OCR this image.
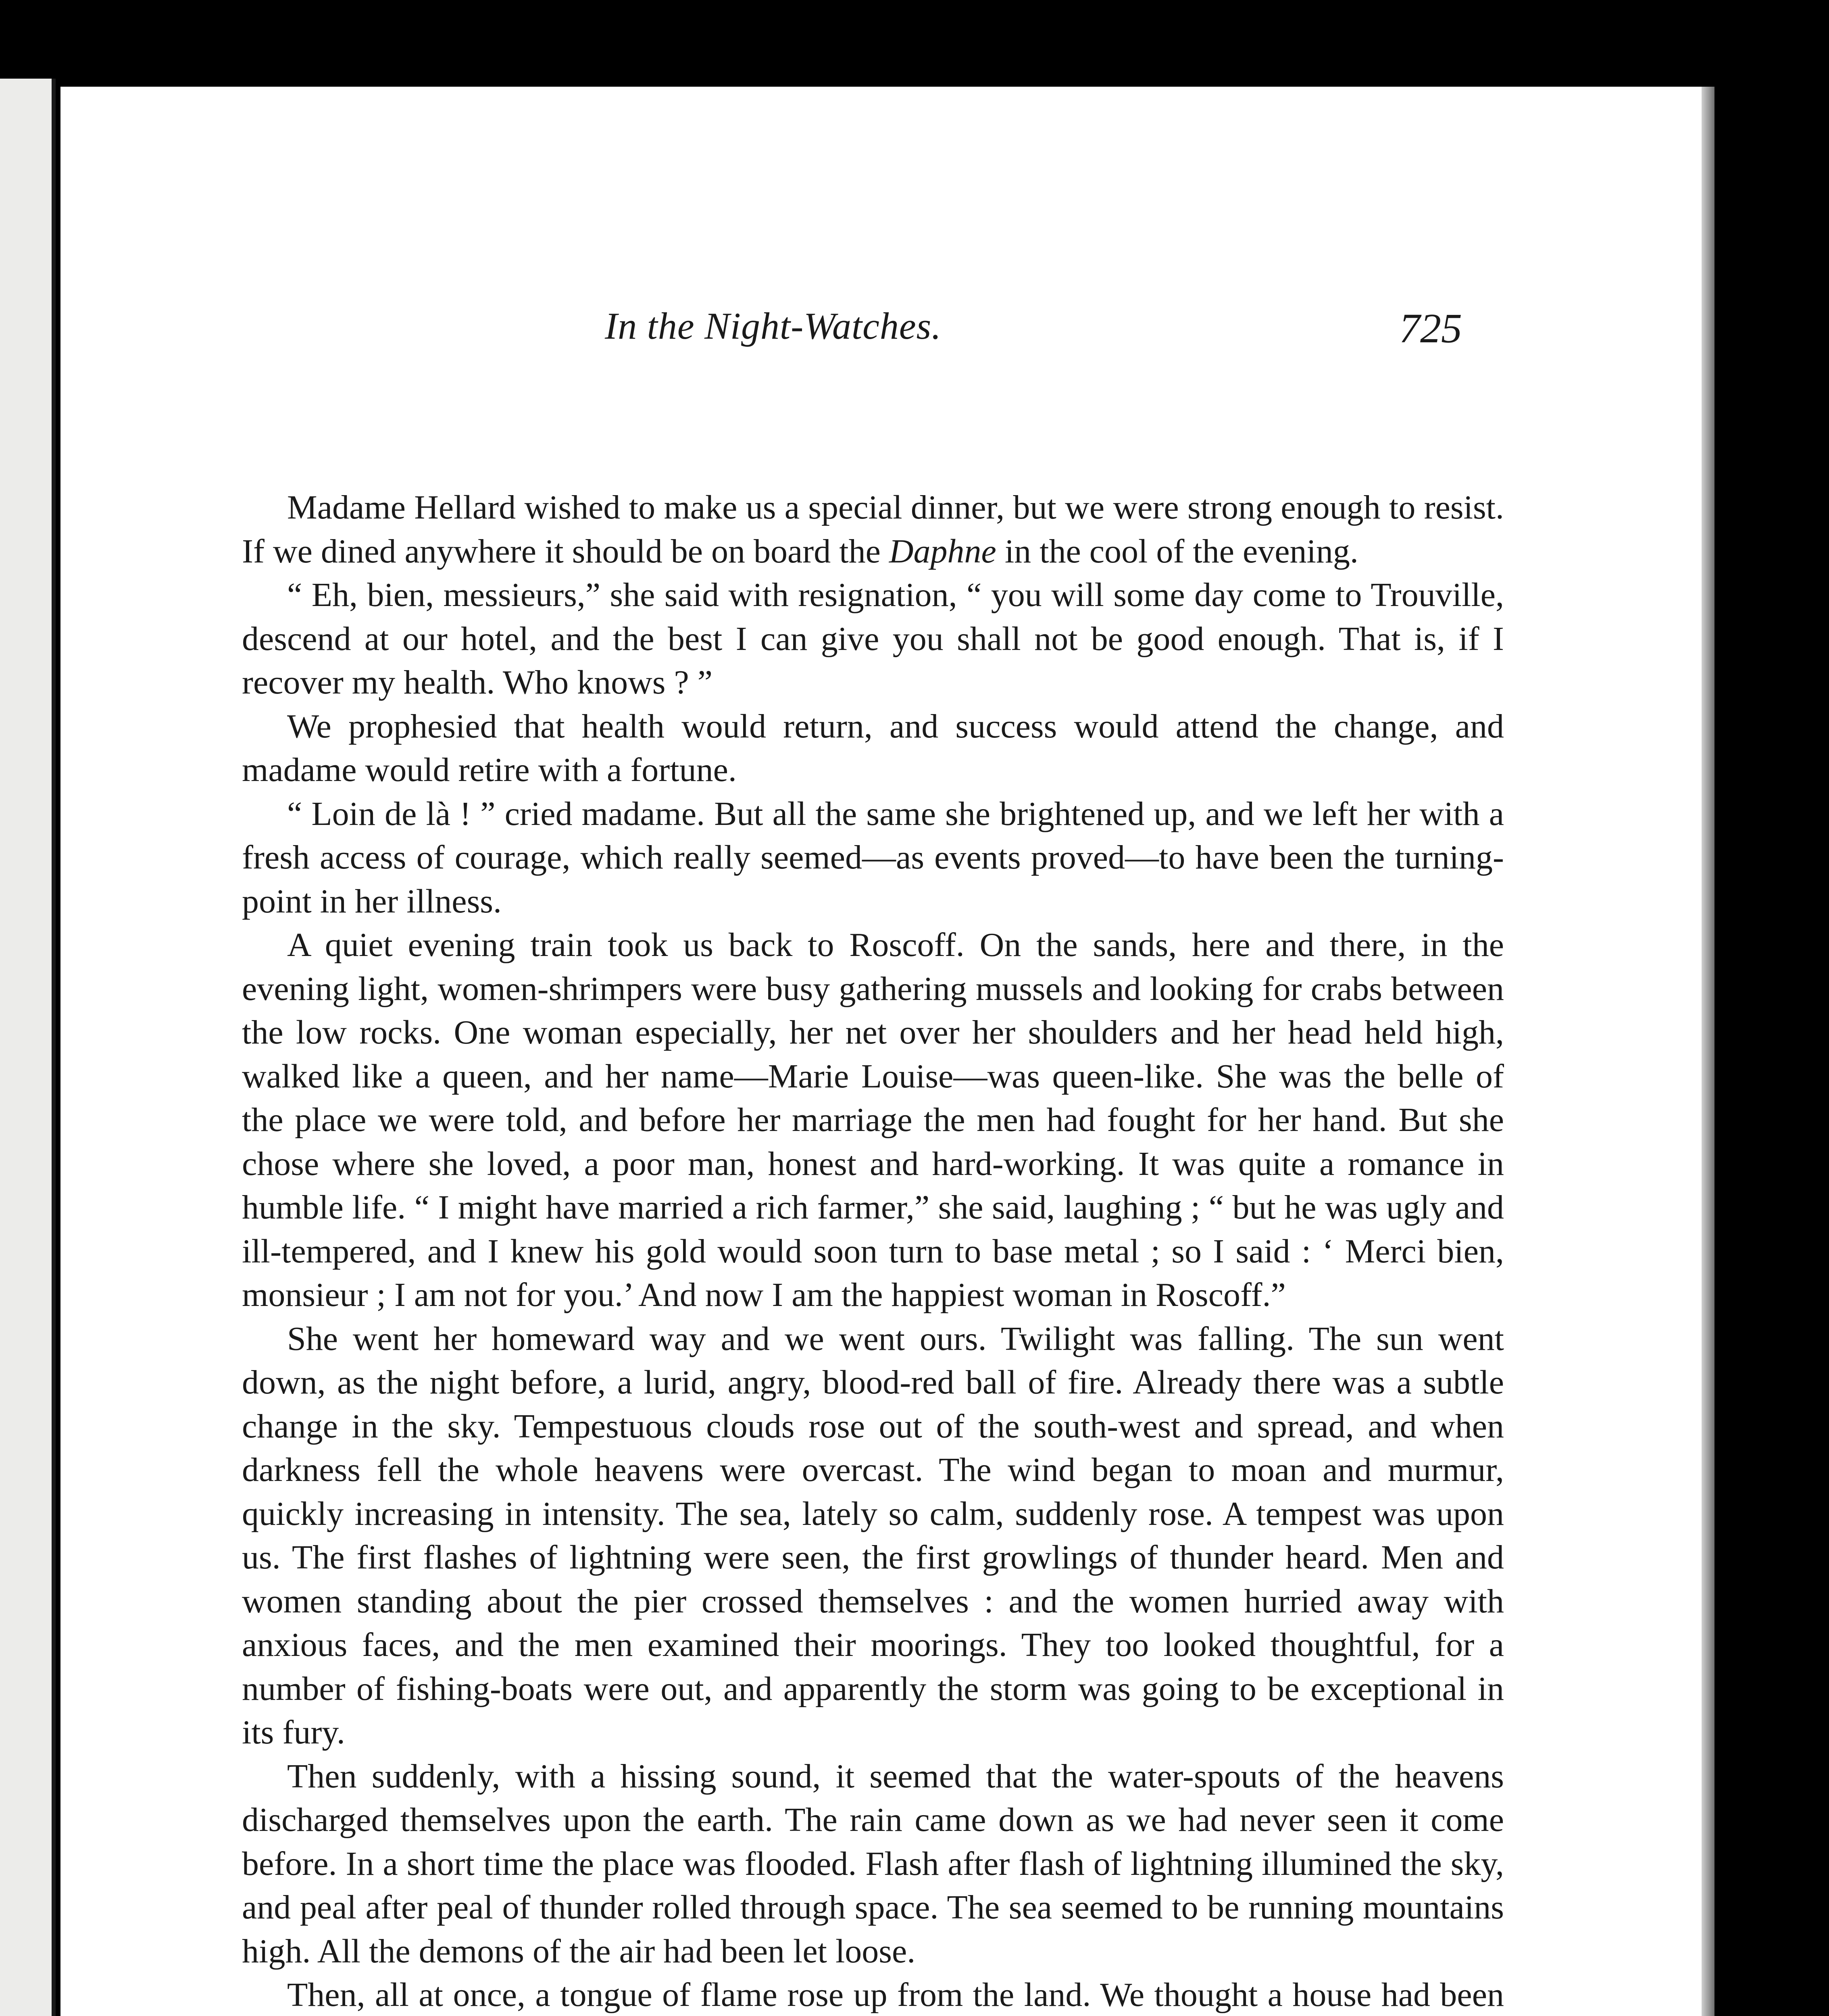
In the Night-Watches.	725

Madame Hellard wished to make us a special dinner, but we were strong enough to resist. If we dined anywhere it should be on board the Daphne in the cool of the evening.

“ Eh, bien, messieurs,” she said with resignation, “ you will some day come to Trouville, descend at our hotel, and the best I can give you shall not be good enough. That is, if I recover my health. Who knows ? ”

We prophesied that health would return, and success would attend the change, and madame would retire with a fortune.

“ Loin de là ! ” cried madame. But all the same she brightened up, and we left her with a fresh access of courage, which really seemed—as events proved—to have been the turning-point in her illness.

A quiet evening train took us back to Roscoff. On the sands, here and there, in the evening light, women-shrimpers were busy gathering mussels and looking for crabs between the low rocks. One woman especially, her net over her shoulders and her head held high, walked like a queen, and her name—Marie Louise—was queen-like. She was the belle of the place we were told, and before her marriage the men had fought for her hand. But she chose where she loved, a poor man, honest and hard-working. It was quite a romance in humble life. “ I might have married a rich farmer,” she said, laughing ; “ but he was ugly and ill-tempered, and I knew his gold would soon turn to base metal ; so I said : ‘ Merci bien, monsieur ; I am not for you.’ And now I am the happiest woman in Roscoff.”

She went her homeward way and we went ours. Twilight was falling. The sun went down, as the night before, a lurid, angry, blood-red ball of fire. Already there was a subtle change in the sky. Tempestuous clouds rose out of the south-west and spread, and when darkness fell the whole heavens were overcast. The wind began to moan and murmur, quickly increasing in intensity. The sea, lately so calm, suddenly rose. A tempest was upon us. The first flashes of lightning were seen, the first growlings of thunder heard. Men and women standing about the pier crossed themselves : and the women hurried away with anxious faces, and the men examined their moorings. They too looked thoughtful, for a number of fishing-boats were out, and apparently the storm was going to be exceptional in its fury.

Then suddenly, with a hissing sound, it seemed that the water-spouts of the heavens discharged themselves upon the earth. The rain came down as we had never seen it come before. In a short time the place was flooded. Flash after flash of lightning illumined the sky, and peal after peal of thunder rolled through space. The sea seemed to be running mountains high. All the demons of the air had been let loose.

Then, all at once, a tongue of flame rose up from the land. We thought a house had been
